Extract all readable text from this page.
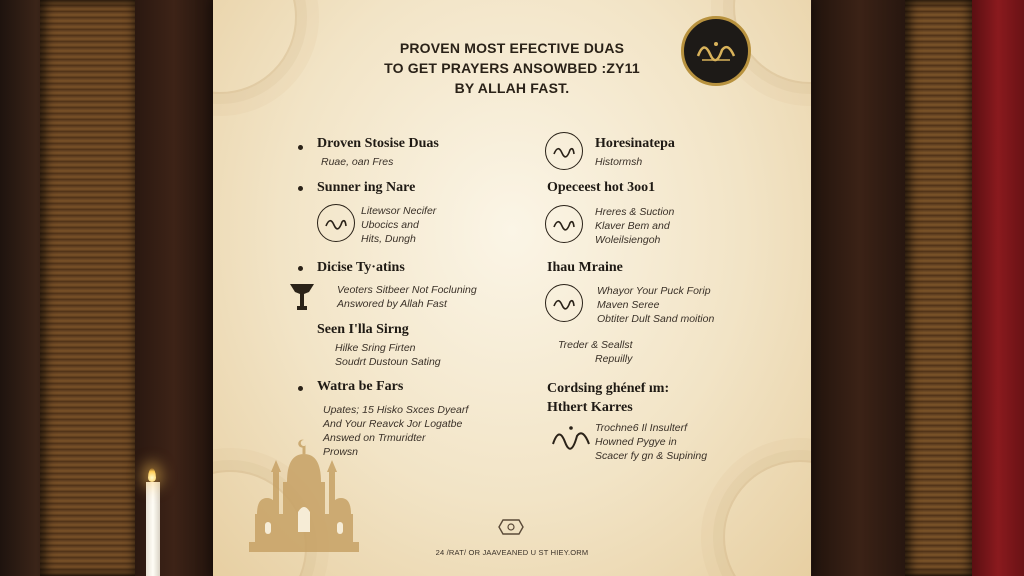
PROVEN MOST EFECTIVE DUAS
TO GET PRAYERS ANSOWBED :ZY11
BY ALLAH FAST.
Droven Stosise Duas
Ruae, oan Fres
Sunner ing Nare
Litewsor Necifer
Ubocics and
Hits, Dungh
Dicise Ty·atins
Veoters Sitbeer Not Focluning
Answored by Allah Fast
Seen I'lla Sirng
Hilke Sring Firten
Soudrt Dustoun Sating
Watra be Fars
Upates; 15 Hisko Sxces Dyearf
And Your Reavck Jor Logatbe
Answed on Trmuridter
Prowsn
Horesinatepa
Histormsh
Opeceest hot 3oo1
Hreres & Suction
Klaver Bem and
Woleilsiengoh
Ihau Mraine
Whayor Your Puck Forip
Maven Seree
Obtiter Dult Sand moition
Treder & Seallst
Repuilly
Cordsing ghénef ım:
Hthert Karres
Trochne6 Il Insulterf
Howned Pygye in
Scacer fy gn & Supining
24 /RAT/ OR JAAVEANED U ST HIEY.ORM
